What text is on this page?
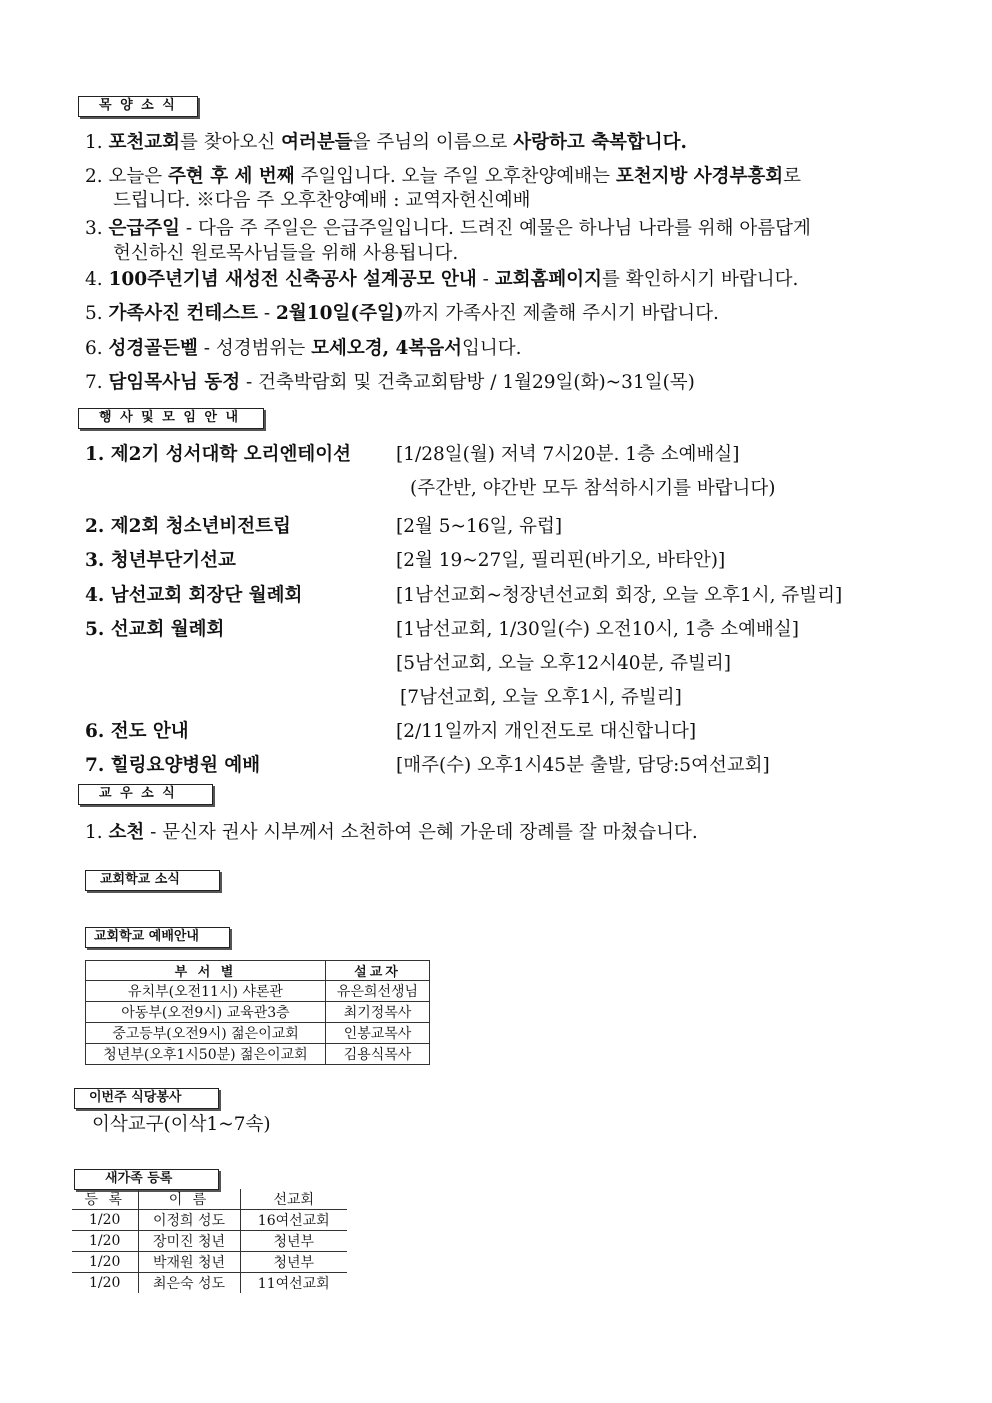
목 양 소 식
1. 포천교회를 찾아오신 여러분들을 주님의 이름으로 사랑하고 축복합니다.
2. 오늘은 주현 후 세 번째 주일입니다. 오늘 주일 오후찬양예배는 포천지방 사경부흥회로
드립니다. ※다음 주 오후찬양예배 : 교역자헌신예배
3. 은급주일 - 다음 주 주일은 은급주일입니다. 드려진 예물은 하나님 나라를 위해 아름답게
헌신하신 원로목사님들을 위해 사용됩니다.
4. 100주년기념 새성전 신축공사 설계공모 안내 - 교회홈페이지를 확인하시기 바랍니다.
5. 가족사진 컨테스트 - 2월10일(주일)까지 가족사진 제출해 주시기 바랍니다.
6. 성경골든벨 - 성경범위는 모세오경, 4복음서입니다.
7. 담임목사님 동정 - 건축박람회 및 건축교회탐방 / 1월29일(화)~31일(목)
행 사 및 모 임 안 내
1. 제2기 성서대학 오리엔테이션 [1/28일(월) 저녁 7시20분. 1층 소예배실]
(주간반, 야간반 모두 참석하시기를 바랍니다)
2. 제2회 청소년비전트립	[2월 5~16일, 유럽]
3. 청년부단기선교	[2월 19~27일, 필리핀(바기오, 바타안)]
4. 남선교회 회장단 월례회	[1남선교회~청장년선교회 회장, 오늘 오후1시, 쥬빌리]
5. 선교회 월례회	[1남선교회, 1/30일(수) 오전10시, 1층 소예배실]
[5남선교회, 오늘 오후12시40분, 쥬빌리]
[7남선교회, 오늘 오후1시, 쥬빌리]
6. 전도 안내	[2/11일까지 개인전도로 대신합니다]
7. 힐링요양병원 예배	[매주(수) 오후1시45분 출발, 담당:5여선교회]
교 우 소 식
1. 소천 - 문신자 권사 시부께서 소천하여 은혜 가운데 장례를 잘 마쳤습니다.
교회학교 소식
교회학교 예배안내
부 서 별	설교자
유치부(오전11시) 샤론관	유은희선생님
아동부(오전9시) 교육관3층	최기정목사
중고등부(오전9시) 젊은이교회	인봉교목사
청년부(오후1시50분) 젊은이교회	김용식목사
이번주 식당봉사
이삭교구(이삭1~7속)
새가족 등록
등 록	이 름	선교회
1/20	이정희 성도	16여선교회
1/20	장미진 청년	청년부
1/20	박재원 청년	청년부
1/20	최은숙 성도	11여선교회
